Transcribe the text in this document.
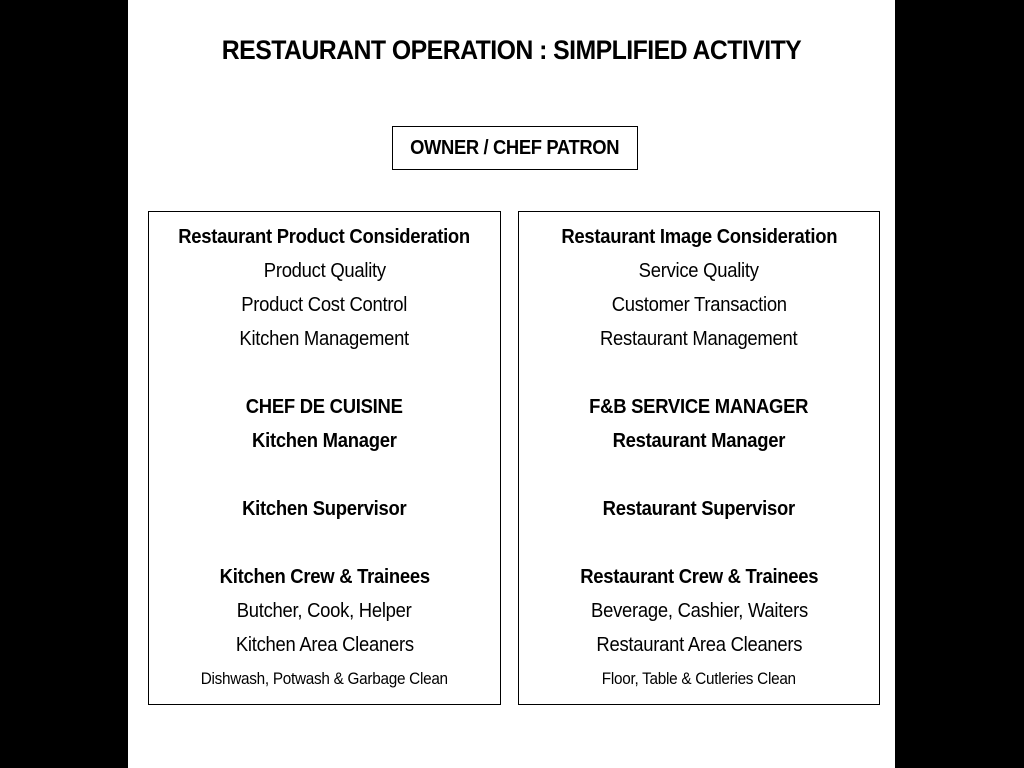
RESTAURANT OPERATION : SIMPLIFIED ACTIVITY
OWNER / CHEF PATRON
Restaurant Product Consideration
Product Quality
Product Cost Control
Kitchen Management
CHEF DE CUISINE
Kitchen Manager
Kitchen Supervisor
Kitchen Crew & Trainees
Butcher, Cook, Helper
Kitchen Area Cleaners
Dishwash, Potwash & Garbage Clean
Restaurant Image Consideration
Service Quality
Customer Transaction
Restaurant Management
F&B SERVICE MANAGER
Restaurant Manager
Restaurant Supervisor
Restaurant Crew & Trainees
Beverage, Cashier, Waiters
Restaurant Area Cleaners
Floor, Table & Cutleries Clean
